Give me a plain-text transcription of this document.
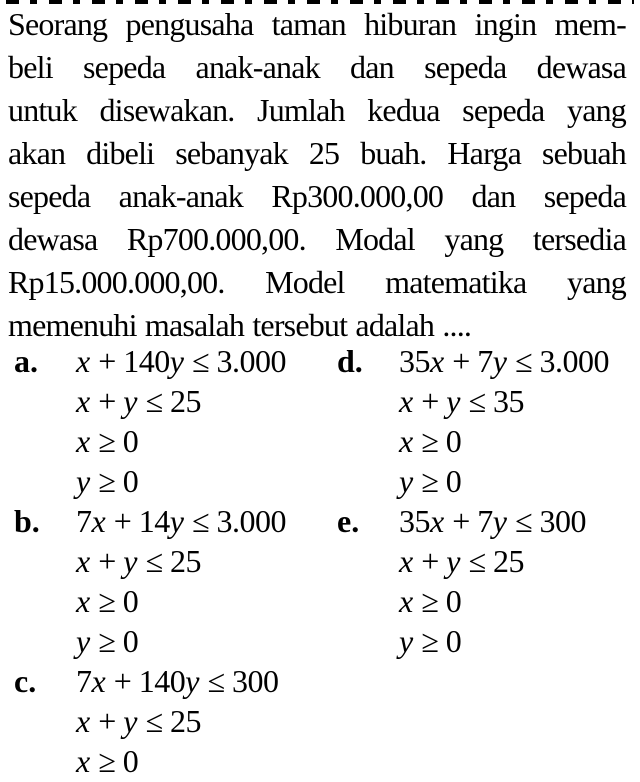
Seorang pengusaha taman hiburan ingin mem-
beli sepeda anak-anak dan sepeda dewasa
untuk disewakan. Jumlah kedua sepeda yang
akan dibeli sebanyak 25 buah. Harga sebuah
sepeda anak-anak Rp300.000,00 dan sepeda
dewasa Rp700.000,00. Modal yang tersedia
Rp15.000.000,00. Model matematika yang
memenuhi masalah tersebut adalah ....
a. x + 140y ≤ 3.000
x + y ≤ 25
x ≥ 0
y ≥ 0
d. 35x + 7y ≤ 3.000
x + y ≤ 35
x ≥ 0
y ≥ 0
b. 7x + 14y ≤ 3.000
x + y ≤ 25
x ≥ 0
y ≥ 0
e. 35x + 7y ≤ 300
x + y ≤ 25
x ≥ 0
y ≥ 0
c. 7x + 140y ≤ 300
x + y ≤ 25
x ≥ 0
